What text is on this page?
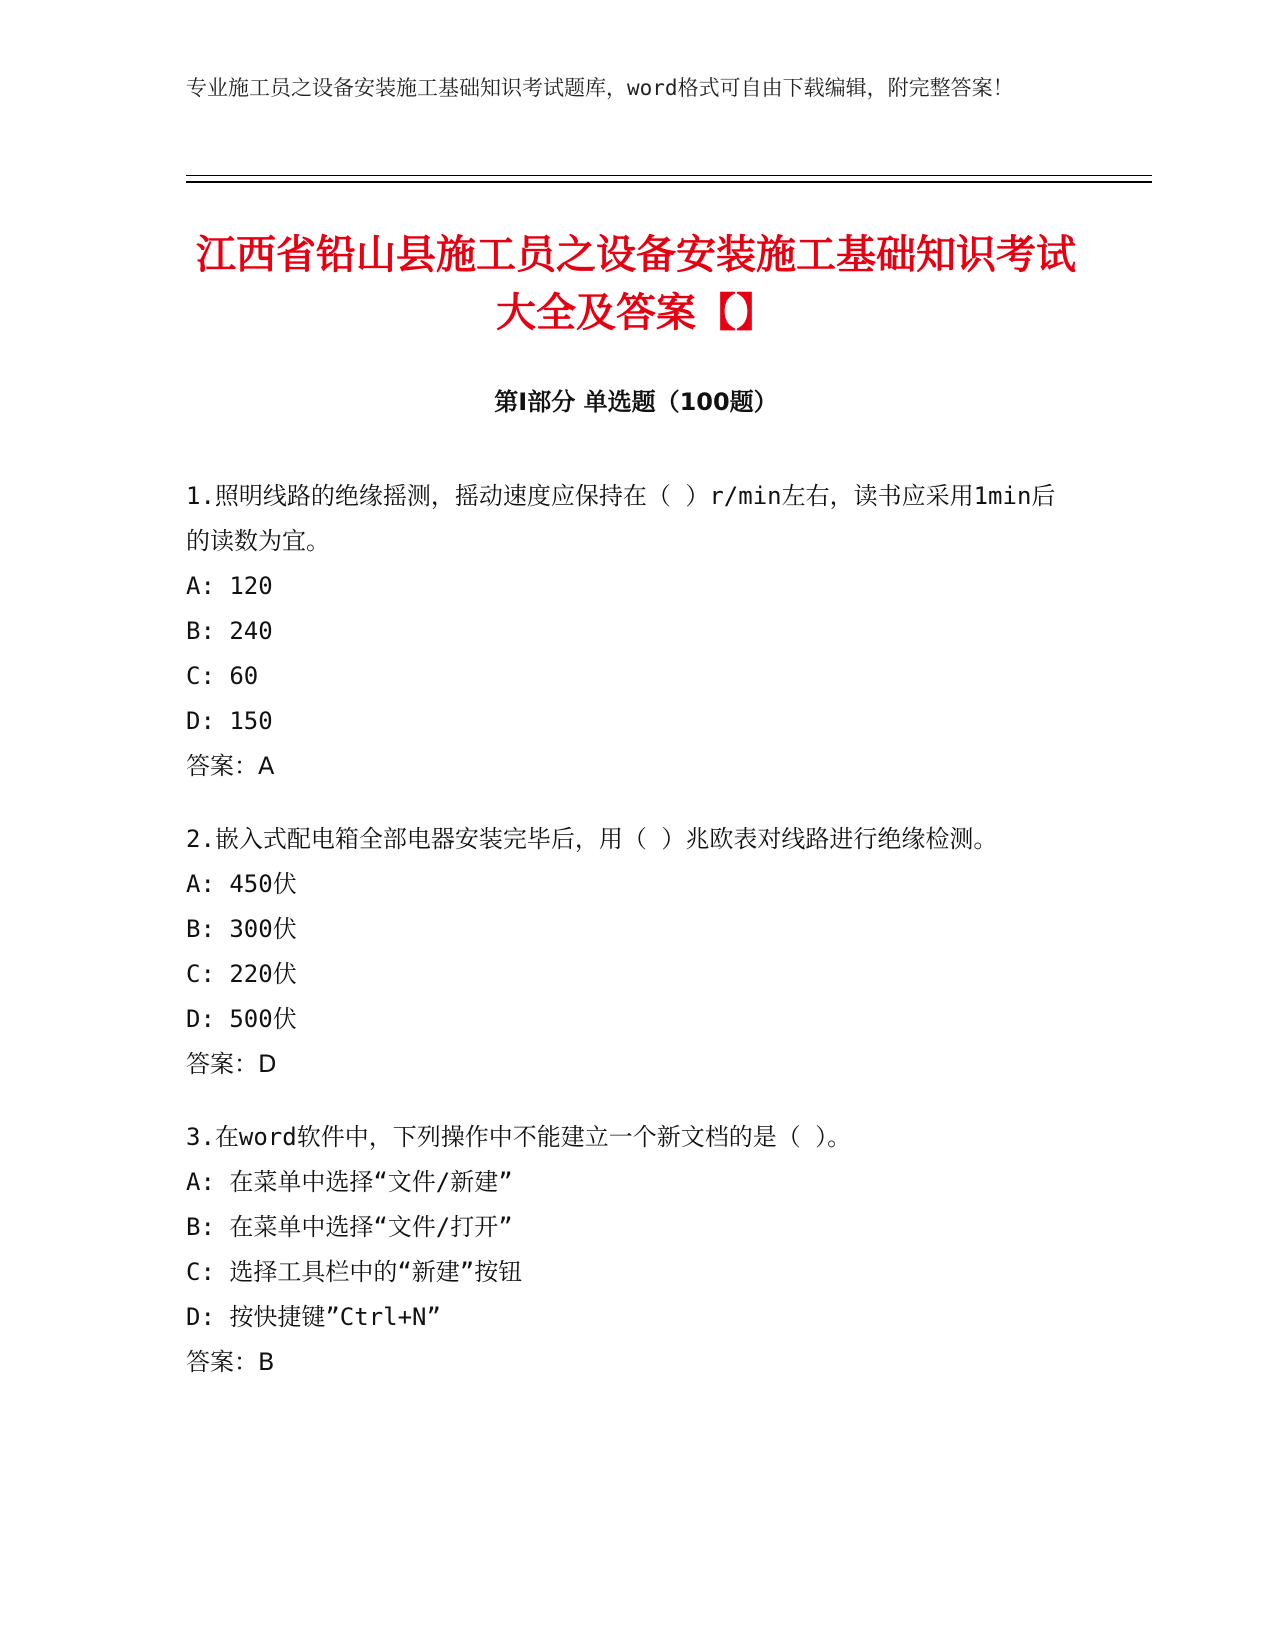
专业施工员之设备安装施工基础知识考试题库，word格式可自由下载编辑，附完整答案！
江西省铅山县施工员之设备安装施工基础知识考试大全及答案【】
第I部分 单选题（100题）
1.照明线路的绝缘摇测，摇动速度应保持在（ ）r/min左右，读书应采用1min后的读数为宜。
A: 120
B: 240
C: 60
D: 150
答案：A
2.嵌入式配电箱全部电器安装完毕后，用（ ）兆欧表对线路进行绝缘检测。
A: 450伏
B: 300伏
C: 220伏
D: 500伏
答案：D
3.在word软件中，下列操作中不能建立一个新文档的是（ ）。
A: 在菜单中选择“文件/新建”
B: 在菜单中选择“文件/打开”
C: 选择工具栏中的“新建”按钮
D: 按快捷键”Ctrl+N”
答案：B
